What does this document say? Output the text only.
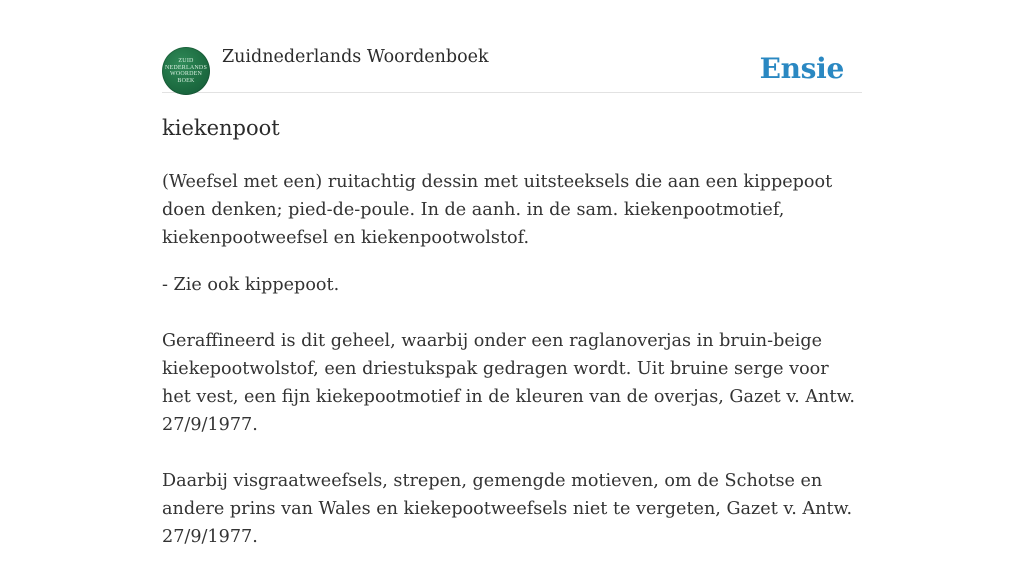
ZUID
NEDERLANDS
WOORDEN
BOEK
Zuidnederlands Woordenboek	Ensie
kiekenpoot

(Weefsel met een) ruitachtig dessin met uitsteeksels die aan een kippepoot doen denken; pied-de-poule. In de aanh. in de sam. kiekenpootmotief, kiekenpootweefsel en kiekenpootwolstof.

- Zie ook kippepoot.

Geraffineerd is dit geheel, waarbij onder een raglanoverjas in bruin-beige kiekepootwolstof, een driestukspak gedragen wordt. Uit bruine serge voor het vest, een fijn kiekepootmotief in de kleuren van de overjas, Gazet v. Antw. 27/9/1977.

Daarbij visgraatweefsels, strepen, gemengde motieven, om de Schotse en andere prins van Wales en kiekepootweefsels niet te vergeten, Gazet v. Antw. 27/9/1977.
